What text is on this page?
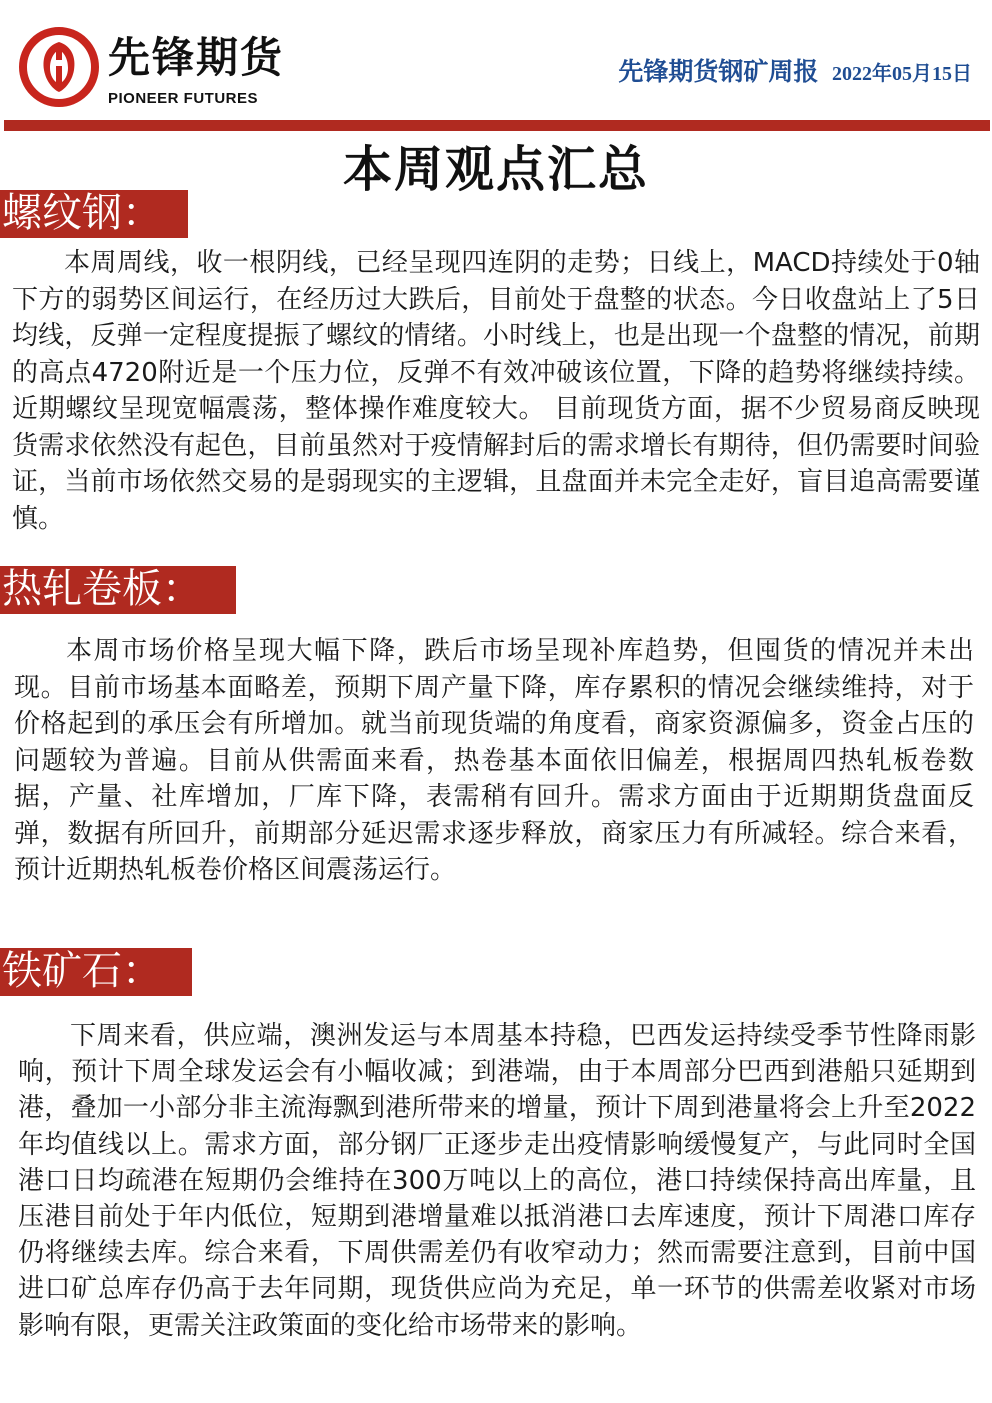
先锋期货
PIONEER FUTURES
先锋期货钢矿周报 2022年05月15日
本周观点汇总
螺纹钢：

本周周线，收一根阴线，已经呈现四连阴的走势；日线上，MACD持续处于0轴下方的弱势区间运行，在经历过大跌后，目前处于盘整的状态。今日收盘站上了5日均线，反弹一定程度提振了螺纹的情绪。小时线上，也是出现一个盘整的情况，前期的高点4720附近是一个压力位，反弹不有效冲破该位置，下降的趋势将继续持续。近期螺纹呈现宽幅震荡，整体操作难度较大。 目前现货方面，据不少贸易商反映现货需求依然没有起色，目前虽然对于疫情解封后的需求增长有期待，但仍需要时间验证，当前市场依然交易的是弱现实的主逻辑，且盘面并未完全走好，盲目追高需要谨慎。

热轧卷板：

本周市场价格呈现大幅下降，跌后市场呈现补库趋势，但囤货的情况并未出现。目前市场基本面略差，预期下周产量下降，库存累积的情况会继续维持，对于价格起到的承压会有所增加。就当前现货端的角度看，商家资源偏多，资金占压的问题较为普遍。目前从供需面来看，热卷基本面依旧偏差，根据周四热轧板卷数据，产量、社库增加，厂库下降，表需稍有回升。需求方面由于近期期货盘面反弹，数据有所回升，前期部分延迟需求逐步释放，商家压力有所减轻。综合来看，预计近期热轧板卷价格区间震荡运行。

铁矿石：

下周来看，供应端，澳洲发运与本周基本持稳，巴西发运持续受季节性降雨影响，预计下周全球发运会有小幅收减；到港端，由于本周部分巴西到港船只延期到港，叠加一小部分非主流海飘到港所带来的增量，预计下周到港量将会上升至2022年均值线以上。需求方面，部分钢厂正逐步走出疫情影响缓慢复产，与此同时全国港口日均疏港在短期仍会维持在300万吨以上的高位，港口持续保持高出库量，且压港目前处于年内低位，短期到港增量难以抵消港口去库速度，预计下周港口库存仍将继续去库。综合来看，下周供需差仍有收窄动力；然而需要注意到，目前中国进口矿总库存仍高于去年同期，现货供应尚为充足，单一环节的供需差收紧对市场影响有限，更需关注政策面的变化给市场带来的影响。
